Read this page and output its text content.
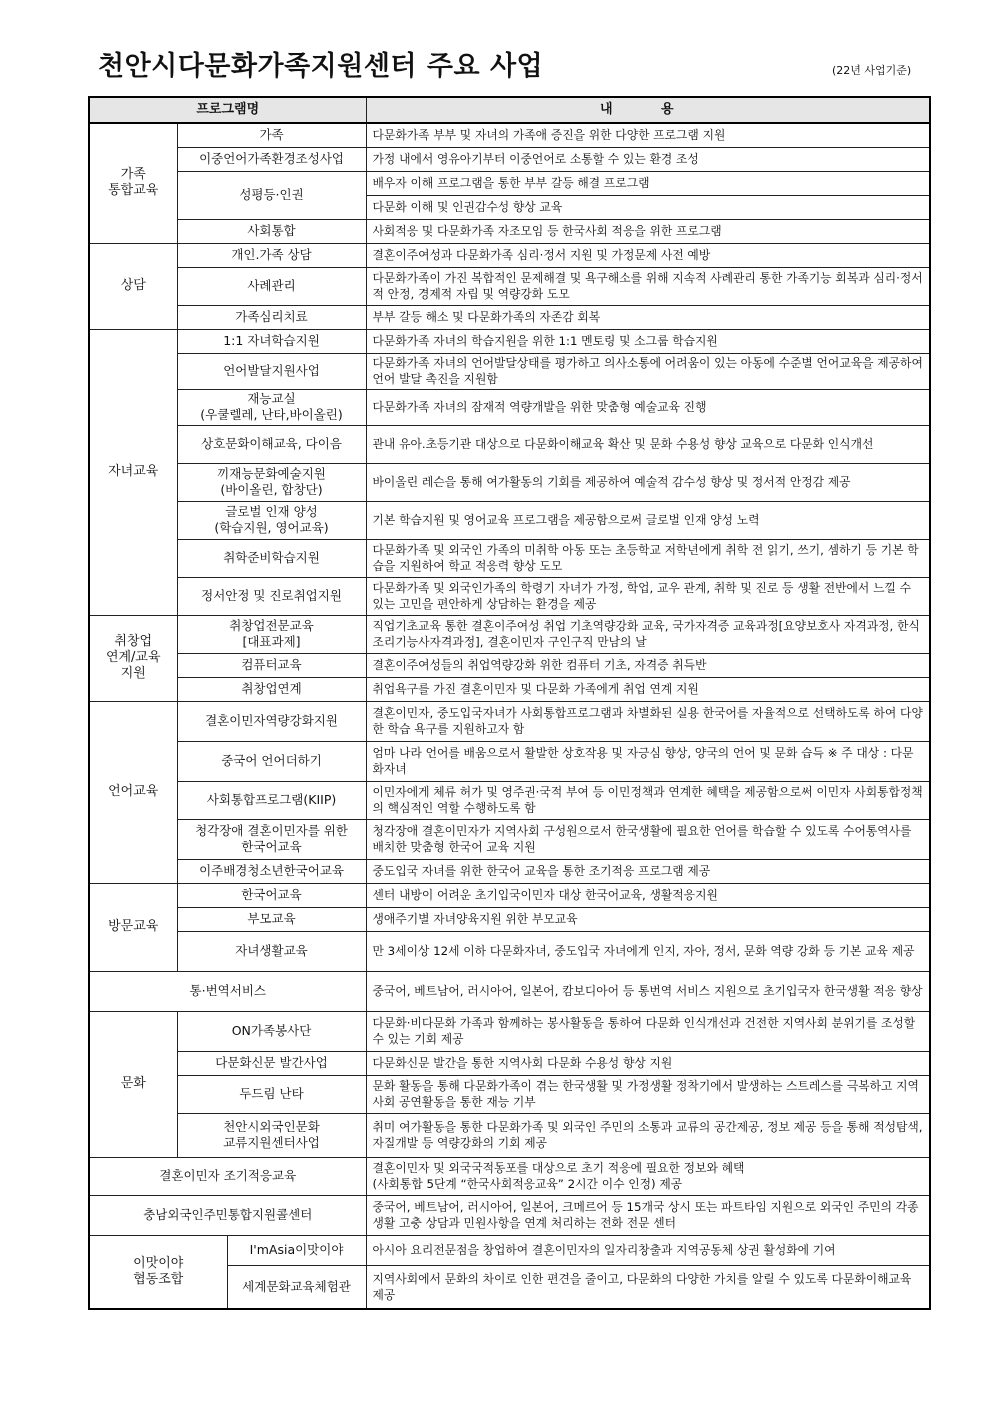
천안시다문화가족지원센터 주요 사업	(22년 사업기준)
프로그램명			내 용
가족
통합교육	가족		다문화가족 부부 및 자녀의 가족애 증진을 위한 다양한 프로그램 지원
	이중언어가족환경조성사업		가정 내에서 영유아기부터 이중언어로 소통할 수 있는 환경 조성
	성평등·인권		배우자 이해 프로그램을 통한 부부 갈등 해결 프로그램
			다문화 이해 및 인권감수성 향상 교육
	사회통합		사회적응 및 다문화가족 자조모임 등 한국사회 적응을 위한 프로그램
상담	개인.가족 상담		결혼이주여성과 다문화가족 심리·정서 지원 및 가정문제 사전 예방
	사례관리		다문화가족이 가진 복합적인 문제해결 및 욕구해소를 위해 지속적 사례관리 통한 가족기능 회복과 심리·정서적 안정, 경제적 자립 및 역량강화 도모
	가족심리치료		부부 갈등 해소 및 다문화가족의 자존감 회복
자녀교육	1:1 자녀학습지원		다문화가족 자녀의 학습지원을 위한 1:1 멘토링 및 소그룹 학습지원
	언어발달지원사업		다문화가족 자녀의 언어발달상태를 평가하고 의사소통에 어려움이 있는 아동에 수준별 언어교육을 제공하여 언어 발달 촉진을 지원함
	재능교실
(우쿨렐레, 난타,바이올린)		다문화가족 자녀의 잠재적 역량개발을 위한 맞춤형 예술교육 진행
	상호문화이해교육, 다이음		관내 유아.초등기관 대상으로 다문화이해교육 확산 및 문화 수용성 향상 교육으로 다문화 인식개선
	끼재능문화예술지원
(바이올린, 합창단)		바이올린 레슨을 통해 여가활동의 기회를 제공하여 예술적 감수성 향상 및 정서적 안정감 제공
	글로벌 인재 양성
(학습지원, 영어교육)		기본 학습지원 및 영어교육 프로그램을 제공함으로써 글로벌 인재 양성 노력
	취학준비학습지원		다문화가족 및 외국인 가족의 미취학 아동 또는 초등학교 저학년에게 취학 전 읽기, 쓰기, 셈하기 등 기본 학습을 지원하여 학교 적응력 향상 도모
	정서안정 및 진로취업지원		다문화가족 및 외국인가족의 학령기 자녀가 가정, 학업, 교우 관계, 취학 및 진로 등 생활 전반에서 느낄 수 있는 고민을 편안하게 상담하는 환경을 제공
취창업
연계/교육
지원	취창업전문교육
[대표과제]		직업기초교육 통한 결혼이주여성 취업 기초역량강화 교육, 국가자격증 교육과정[요양보호사 자격과정, 한식조리기능사자격과정], 결혼이민자 구인구직 만남의 날
	컴퓨터교육		결혼이주여성들의 취업역량강화 위한 컴퓨터 기초, 자격증 취득반
	취창업연계		취업욕구를 가진 결혼이민자 및 다문화 가족에게 취업 연계 지원
언어교육	결혼이민자역량강화지원		결혼이민자, 중도입국자녀가 사회통합프로그램과 차별화된 실용 한국어를 자율적으로 선택하도록 하여 다양한 학습 욕구를 지원하고자 함
	중국어 언어더하기		엄마 나라 언어를 배움으로서 활발한 상호작용 및 자긍심 향상, 양국의 언어 및 문화 습득 ※ 주 대상 : 다문화자녀
	사회통합프로그램(KIIP)		이민자에게 체류 허가 및 영주권·국적 부여 등 이민정책과 연계한 혜택을 제공함으로써 이민자 사회통합정책의 핵심적인 역할 수행하도록 함
	청각장애 결혼이민자를 위한
한국어교육		청각장애 결혼이민자가 지역사회 구성원으로서 한국생활에 필요한 언어를 학습할 수 있도록 수어통역사를 배치한 맞춤형 한국어 교육 지원
	이주배경청소년한국어교육		중도입국 자녀를 위한 한국어 교육을 통한 조기적응 프로그램 제공
방문교육	한국어교육		센터 내방이 어려운 초기입국이민자 대상 한국어교육, 생활적응지원
	부모교육		생애주기별 자녀양육지원 위한 부모교육
	자녀생활교육		만 3세이상 12세 이하 다문화자녀, 중도입국 자녀에게 인지, 자아, 정서, 문화 역량 강화 등 기본 교육 제공
통·번역서비스			중국어, 베트남어, 러시아어, 일본어, 캄보디아어 등 통번역 서비스 지원으로 초기입국자 한국생활 적응 향상
문화	ON가족봉사단		다문화·비다문화 가족과 함께하는 봉사활동을 통하여 다문화 인식개선과 건전한 지역사회 분위기를 조성할 수 있는 기회 제공
	다문화신문 발간사업		다문화신문 발간을 통한 지역사회 다문화 수용성 향상 지원
	두드림 난타		문화 활동을 통해 다문화가족이 겪는 한국생활 및 가정생활 정착기에서 발생하는 스트레스를 극복하고 지역사회 공연활동을 통한 재능 기부
	천안시외국인문화
교류지원센터사업		취미 여가활동을 통한 다문화가족 및 외국인 주민의 소통과 교류의 공간제공, 정보 제공 등을 통해 적성탐색, 자질개발 등 역량강화의 기회 제공
결혼이민자 조기적응교육			결혼이민자 및 외국국적동포를 대상으로 초기 적응에 필요한 정보와 혜택
(사회통합 5단계 “한국사회적응교육” 2시간 이수 인정) 제공
충남외국인주민통합지원콜센터			중국어, 베트남어, 러시아어, 일본어, 크메르어 등 15개국 상시 또는 파트타임 지원으로 외국인 주민의 각종 생활 고충 상담과 민원사항을 연계 처리하는 전화 전문 센터
이맛이야
협동조합		I'mAsia이맛이야	아시아 요리전문점을 창업하여 결혼이민자의 일자리창출과 지역공동체 상권 활성화에 기여
		세계문화교육체험관	지역사회에서 문화의 차이로 인한 편견을 줄이고, 다문화의 다양한 가치를 알릴 수 있도록 다문화이해교육 제공
